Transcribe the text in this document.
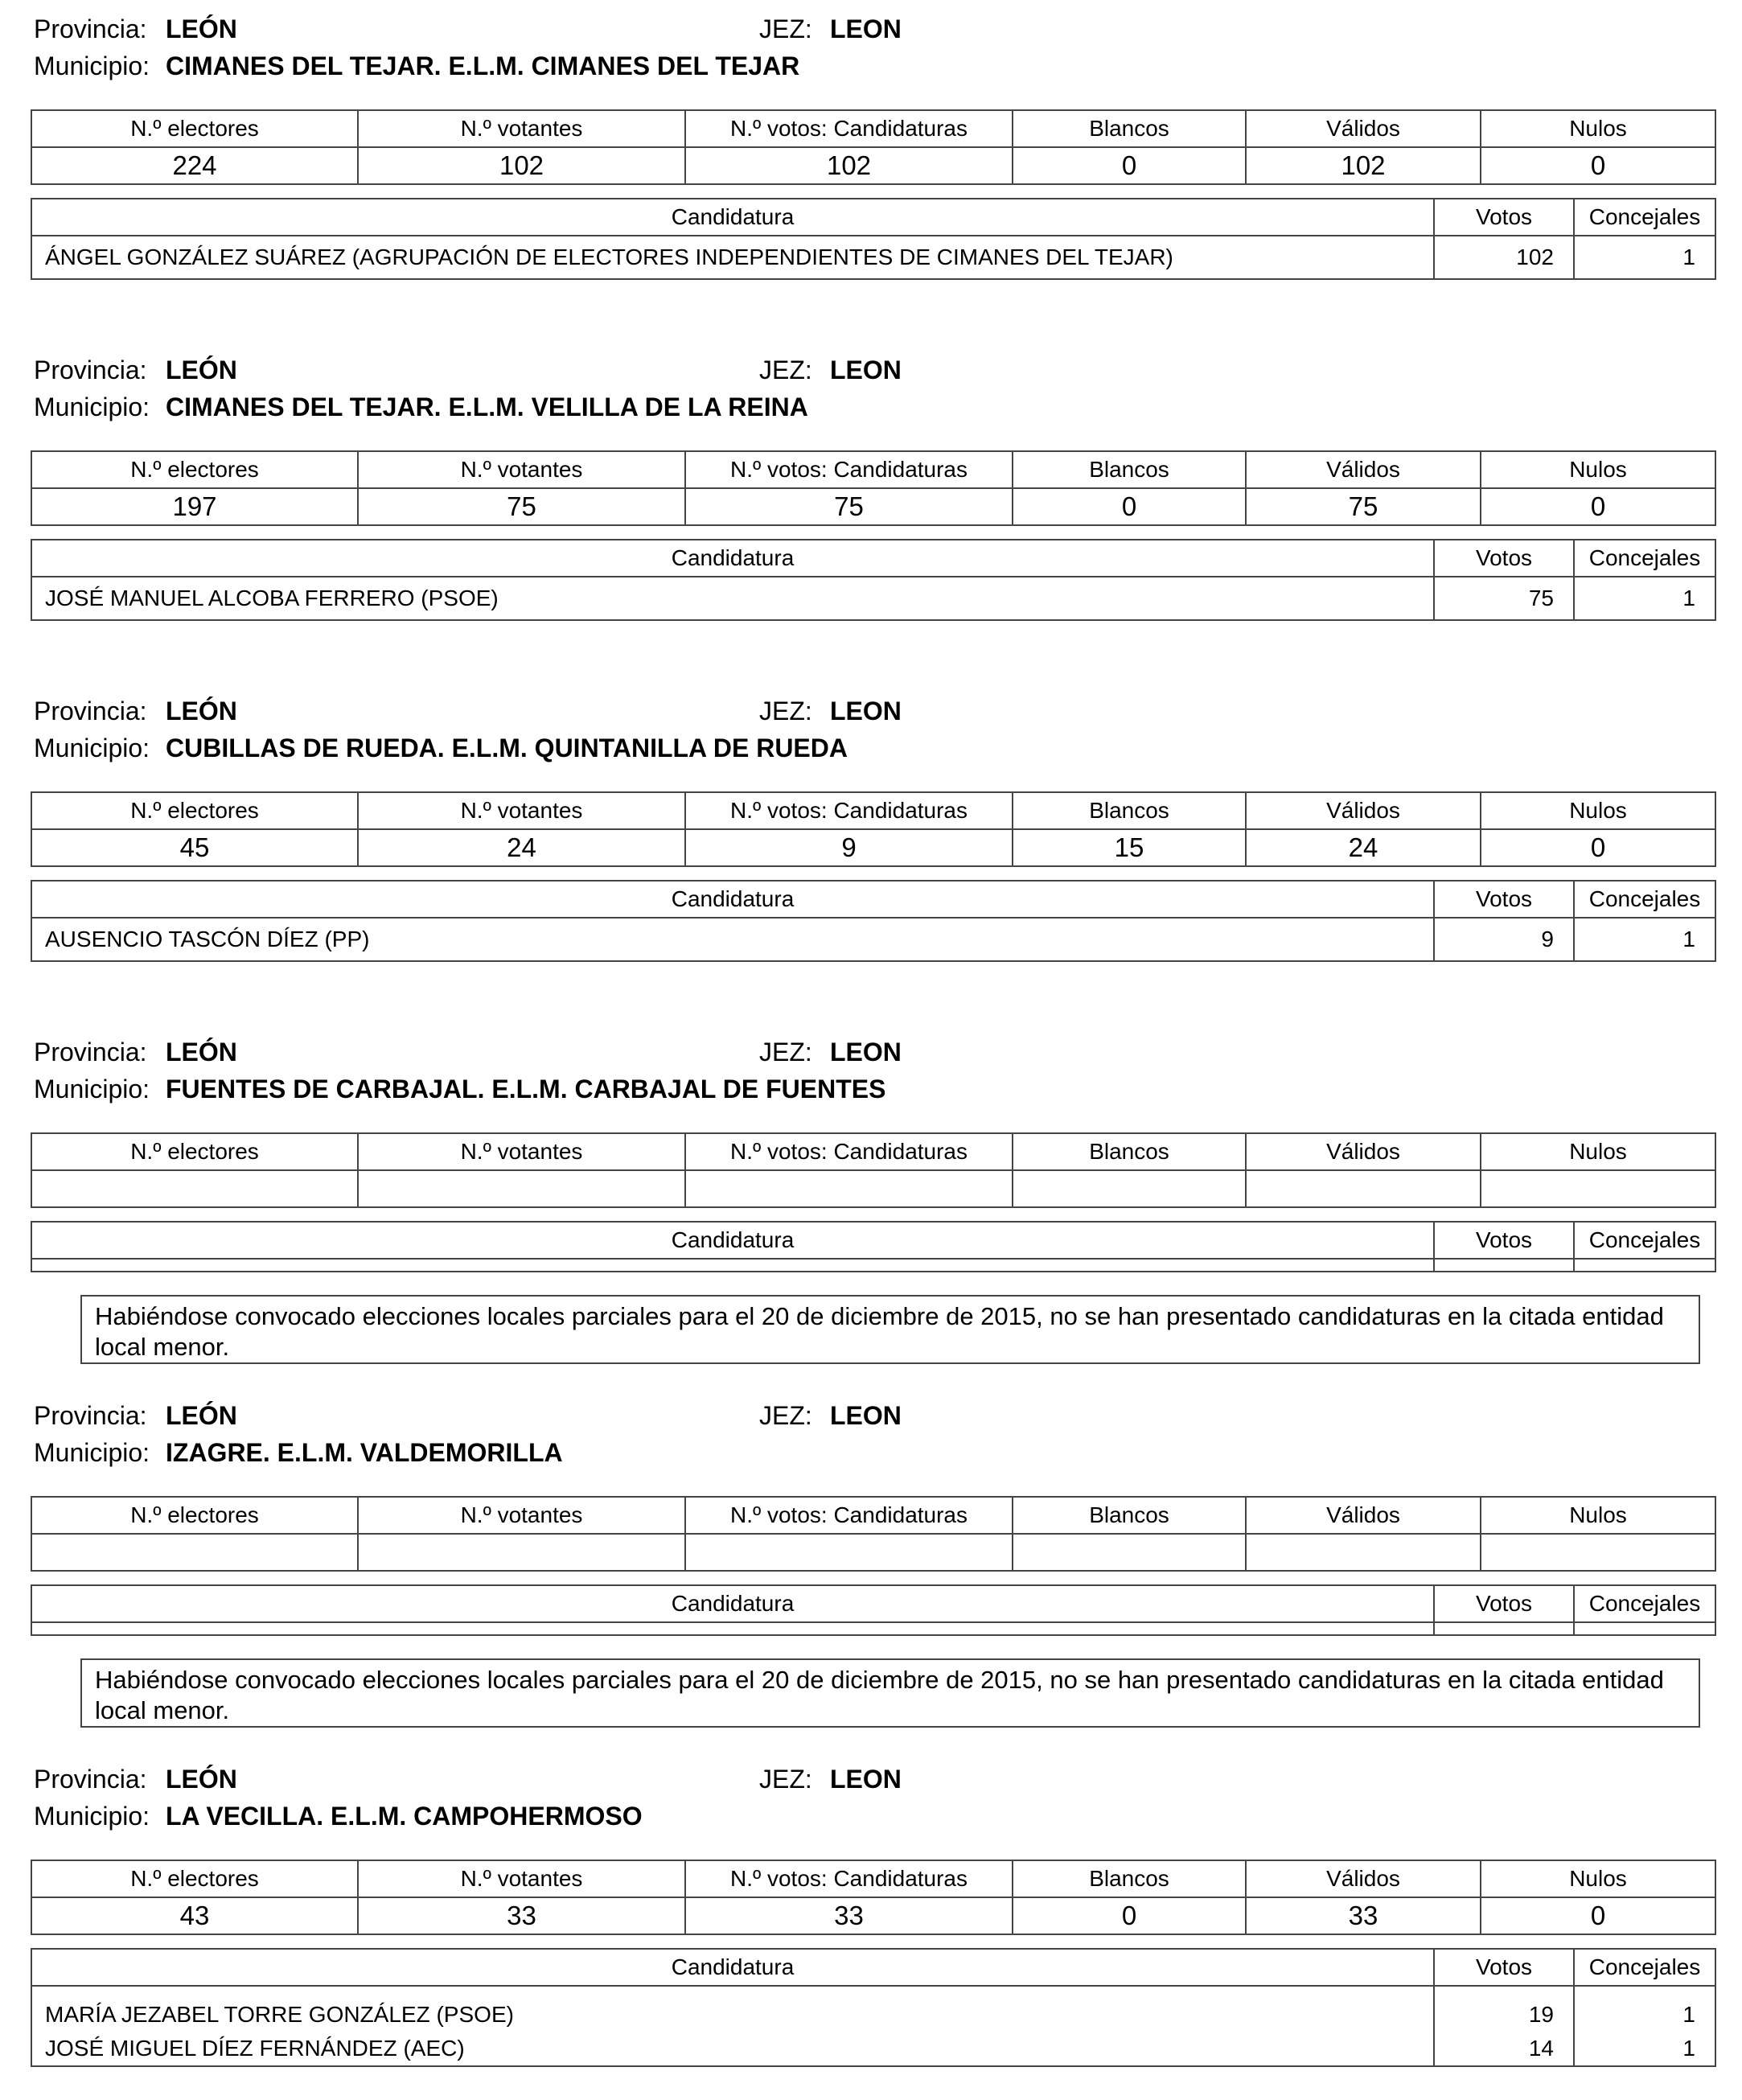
Provincia: LEÓN	JEZ: LEON
Municipio: CIMANES DEL TEJAR. E.L.M. CIMANES DEL TEJAR
N.º electores	N.º votantes	N.º votos: Candidaturas	Blancos	Válidos	Nulos
224	102	102	0	102	0
Candidatura	Votos	Concejales
ÁNGEL GONZÁLEZ SUÁREZ (AGRUPACIÓN DE ELECTORES INDEPENDIENTES DE CIMANES DEL TEJAR)	102	1
Provincia: LEÓN	JEZ: LEON
Municipio: CIMANES DEL TEJAR. E.L.M. VELILLA DE LA REINA
N.º electores	N.º votantes	N.º votos: Candidaturas	Blancos	Válidos	Nulos
197	75	75	0	75	0
Candidatura	Votos	Concejales
JOSÉ MANUEL ALCOBA FERRERO (PSOE)	75	1
Provincia: LEÓN	JEZ: LEON
Municipio: CUBILLAS DE RUEDA. E.L.M. QUINTANILLA DE RUEDA
N.º electores	N.º votantes	N.º votos: Candidaturas	Blancos	Válidos	Nulos
45	24	9	15	24	0
Candidatura	Votos	Concejales
AUSENCIO TASCÓN DÍEZ (PP)	9	1
Provincia: LEÓN	JEZ: LEON
Municipio: FUENTES DE CARBAJAL. E.L.M. CARBAJAL DE FUENTES
N.º electores	N.º votantes	N.º votos: Candidaturas	Blancos	Válidos	Nulos

Candidatura	Votos	Concejales

Habiéndose convocado elecciones locales parciales para el 20 de diciembre de 2015, no se han presentado candidaturas en la citada entidad local menor.
Provincia: LEÓN	JEZ: LEON
Municipio: IZAGRE. E.L.M. VALDEMORILLA
N.º electores	N.º votantes	N.º votos: Candidaturas	Blancos	Válidos	Nulos

Candidatura	Votos	Concejales

Habiéndose convocado elecciones locales parciales para el 20 de diciembre de 2015, no se han presentado candidaturas en la citada entidad local menor.
Provincia: LEÓN	JEZ: LEON
Municipio: LA VECILLA. E.L.M. CAMPOHERMOSO
N.º electores	N.º votantes	N.º votos: Candidaturas	Blancos	Válidos	Nulos
43	33	33	0	33	0
Candidatura	Votos	Concejales
MARÍA JEZABEL TORRE GONZÁLEZ (PSOE)	19	1
JOSÉ MIGUEL DÍEZ FERNÁNDEZ (AEC)	14	1
